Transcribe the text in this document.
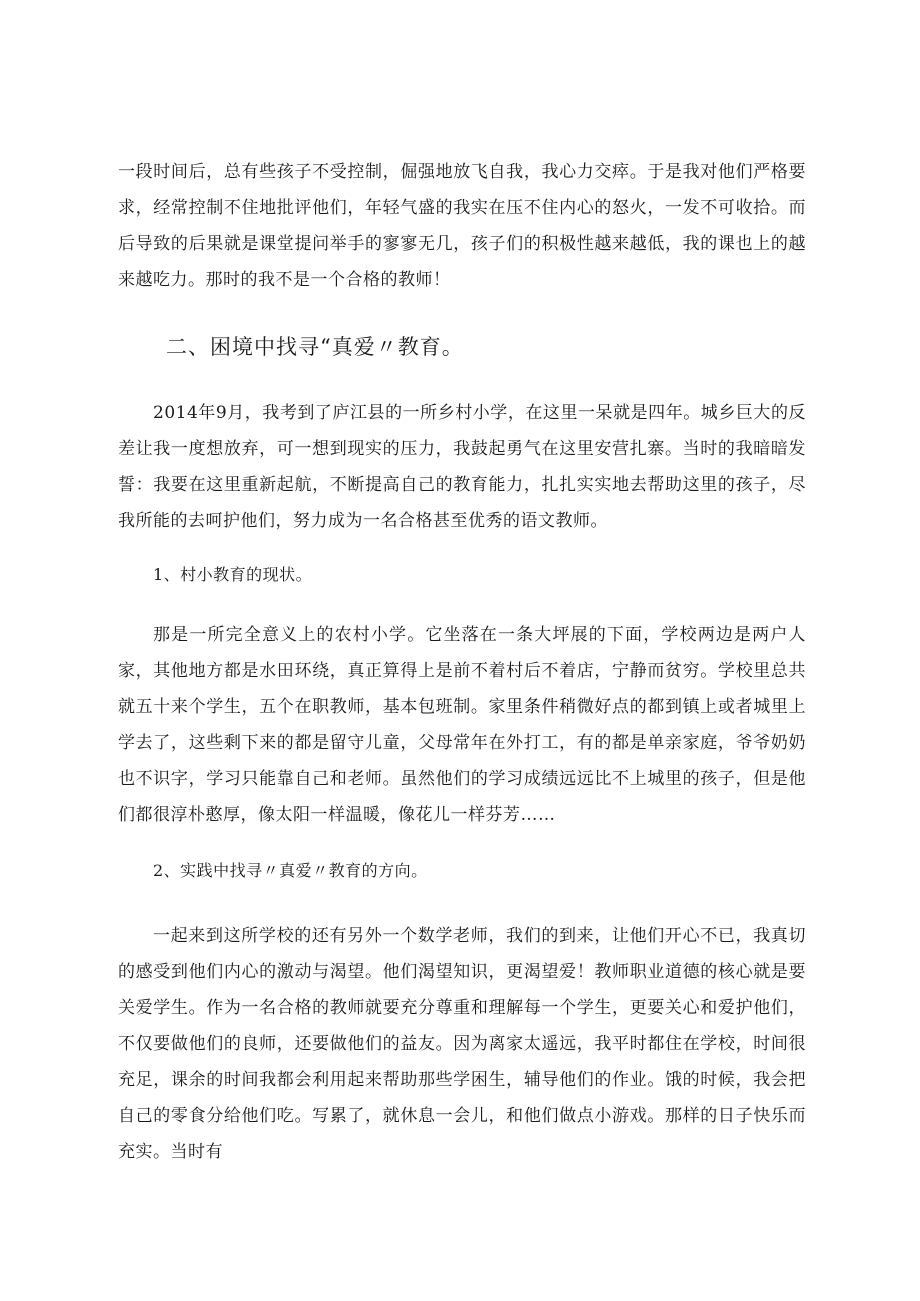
一段时间后，总有些孩子不受控制，倔强地放飞自我，我心力交瘁。于是我对他们严格要求，经常控制不住地批评他们，年轻气盛的我实在压不住内心的怒火，一发不可收拾。而后导致的后果就是课堂提问举手的寥寥无几，孩子们的积极性越来越低，我的课也上的越来越吃力。那时的我不是一个合格的教师！

二、困境中找寻“真爱〃教育。

2014年9月，我考到了庐江县的一所乡村小学，在这里一呆就是四年。城乡巨大的反差让我一度想放弃，可一想到现实的压力，我鼓起勇气在这里安营扎寨。当时的我暗暗发誓：我要在这里重新起航，不断提高自己的教育能力，扎扎实实地去帮助这里的孩子，尽我所能的去呵护他们，努力成为一名合格甚至优秀的语文教师。

1、村小教育的现状。

那是一所完全意义上的农村小学。它坐落在一条大坪展的下面，学校两边是两户人家，其他地方都是水田环绕，真正算得上是前不着村后不着店，宁静而贫穷。学校里总共就五十来个学生，五个在职教师，基本包班制。家里条件稍微好点的都到镇上或者城里上学去了，这些剩下来的都是留守儿童，父母常年在外打工，有的都是单亲家庭，爷爷奶奶也不识字，学习只能靠自己和老师。虽然他们的学习成绩远远比不上城里的孩子，但是他们都很淳朴憨厚，像太阳一样温暖，像花儿一样芬芳……

2、实践中找寻〃真爱〃教育的方向。

一起来到这所学校的还有另外一个数学老师，我们的到来，让他们开心不已，我真切的感受到他们内心的激动与渴望。他们渴望知识，更渴望爱！教师职业道德的核心就是要关爱学生。作为一名合格的教师就要充分尊重和理解每一个学生，更要关心和爱护他们，不仅要做他们的良师，还要做他们的益友。因为离家太遥远，我平时都住在学校，时间很充足，课余的时间我都会利用起来帮助那些学困生，辅导他们的作业。饿的时候，我会把自己的零食分给他们吃。写累了，就休息一会儿，和他们做点小游戏。那样的日子快乐而充实。当时有
